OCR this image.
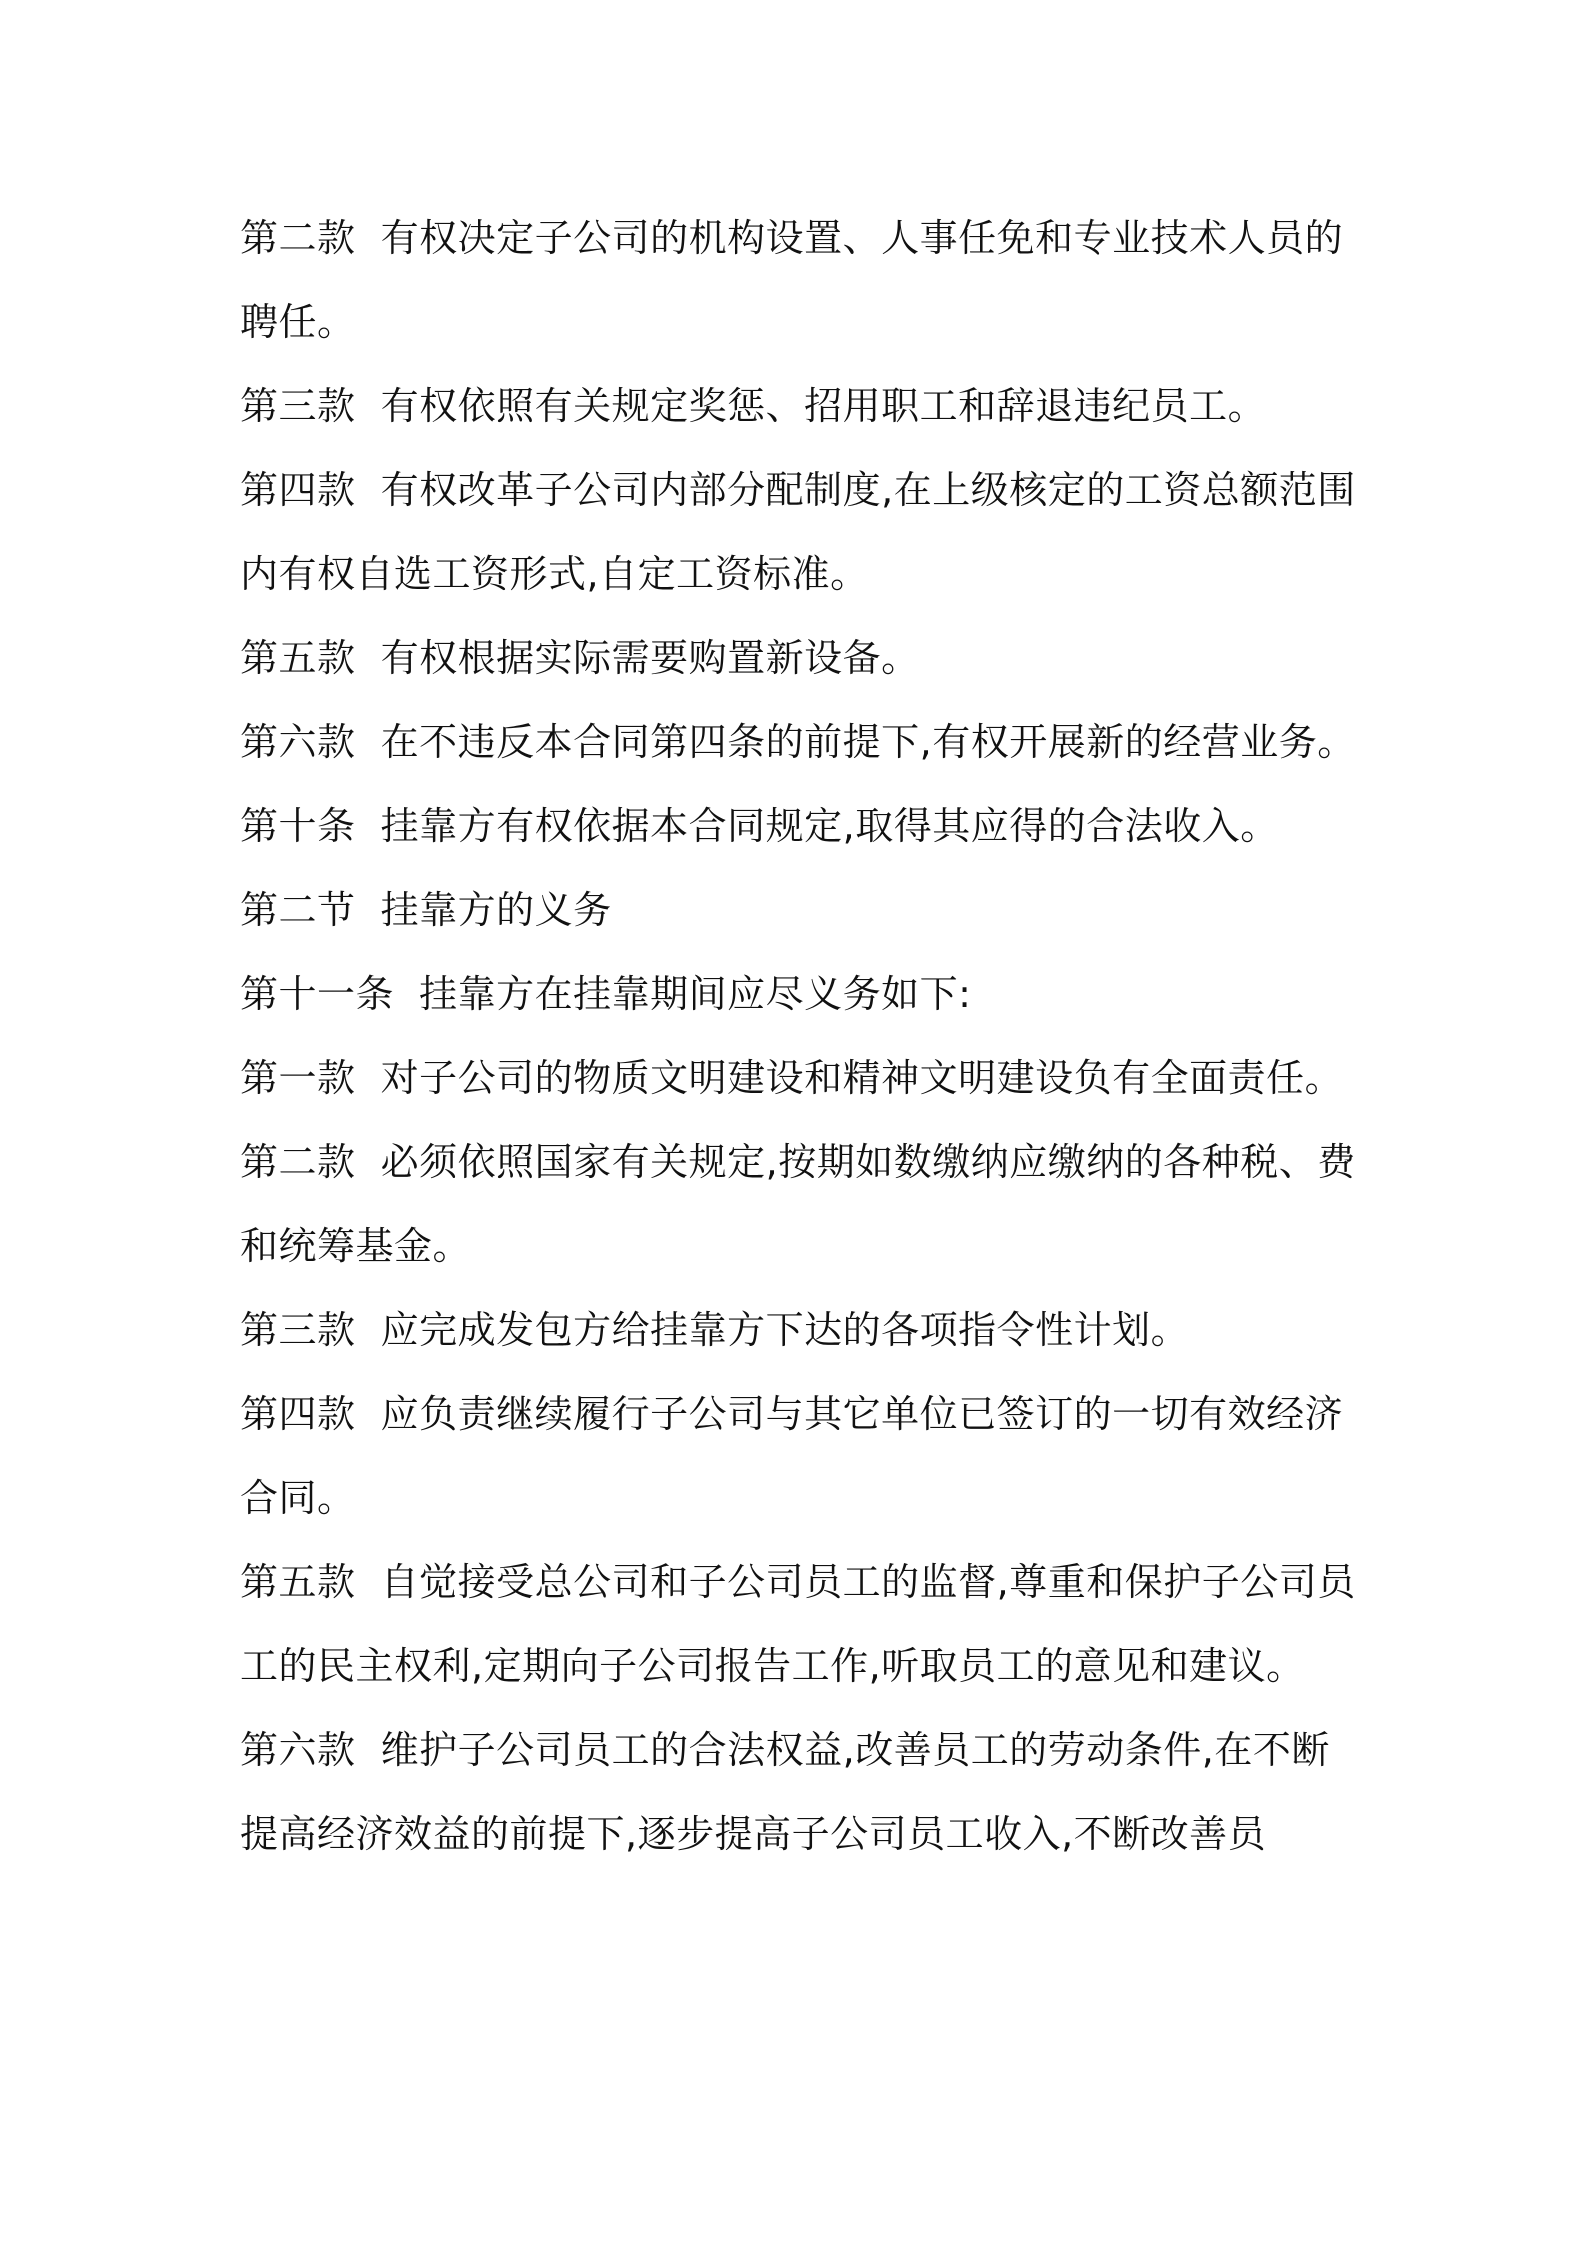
第二款  有权决定子公司的机构设置、人事任免和专业技术人员的聘任。

第三款  有权依照有关规定奖惩、招用职工和辞退违纪员工。

第四款  有权改革子公司内部分配制度,在上级核定的工资总额范围内有权自选工资形式,自定工资标准。

第五款  有权根据实际需要购置新设备。

第六款  在不违反本合同第四条的前提下,有权开展新的经营业务。

第十条  挂靠方有权依据本合同规定,取得其应得的合法收入。

第二节  挂靠方的义务

第十一条  挂靠方在挂靠期间应尽义务如下:

第一款  对子公司的物质文明建设和精神文明建设负有全面责任。

第二款  必须依照国家有关规定,按期如数缴纳应缴纳的各种税、费和统筹基金。

第三款  应完成发包方给挂靠方下达的各项指令性计划。

第四款  应负责继续履行子公司与其它单位已签订的一切有效经济合同。

第五款  自觉接受总公司和子公司员工的监督,尊重和保护子公司员工的民主权利,定期向子公司报告工作,听取员工的意见和建议。

第六款  维护子公司员工的合法权益,改善员工的劳动条件,在不断提高经济效益的前提下,逐步提高子公司员工收入,不断改善员
